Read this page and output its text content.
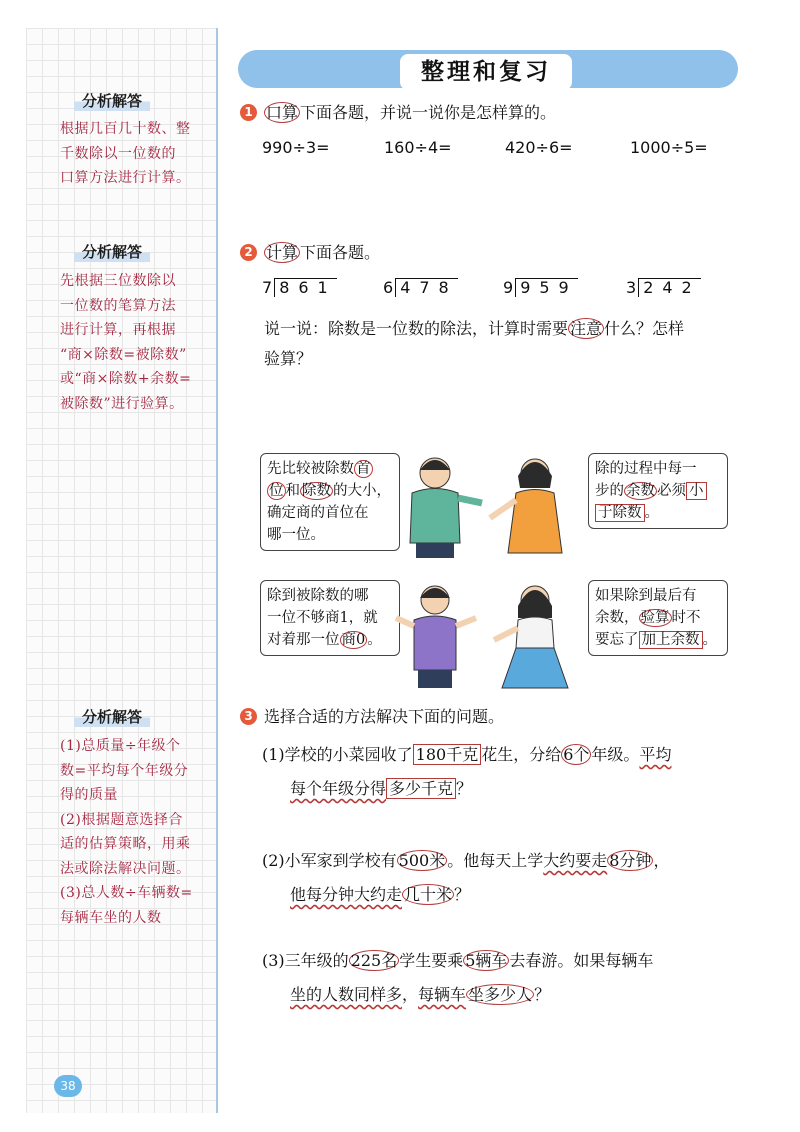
分析解答
根据几百几十数、整
千数除以一位数的
口算方法进行计算。
分析解答
先根据三位数除以
一位数的笔算方法
进行计算，再根据
“商×除数=被除数”
或“商×除数+余数=
被除数”进行验算。
分析解答
(1)总质量÷年级个
数=平均每个年级分
得的质量
(2)根据题意选择合
适的估算策略，用乘
法或除法解决问题。
(3)总人数÷车辆数=
每辆车坐的人数
38
整理和复习
1 口算 下面各题，并说一说你是怎样算的。
990÷3=	160÷4=	420÷6=	1000÷5=
2 计算 下面各题。
7 861	6 478	9 959	3 242
说一说：除数是一位数的除法，计算时需要 注意 什么？怎样
验算？
先比较被除数 首
位 和 除数 的大小，
确定商的首位在
哪一位。
除的过程中每一
步的 余数 必须 小
于除数 。
除到被除数的哪
一位不够商1，就
对着那一位 商0 。
如果除到最后有
余数， 验算 时不
要忘了 加上余数 。
3 选择合适的方法解决下面的问题。
(1)学校的小菜园收了 180千克 花生，分给 6个 年级。平均
每个年级分得 多少千克 ？
(2)小军家到学校有 500米 。他每天上学大约要走 8分钟 ，
他每分钟大约走 几十米 ？
(3)三年级的 225名 学生要乘 5辆车 去春游。如果每辆车
坐的人数同样多，每辆车 坐多少人 ？
